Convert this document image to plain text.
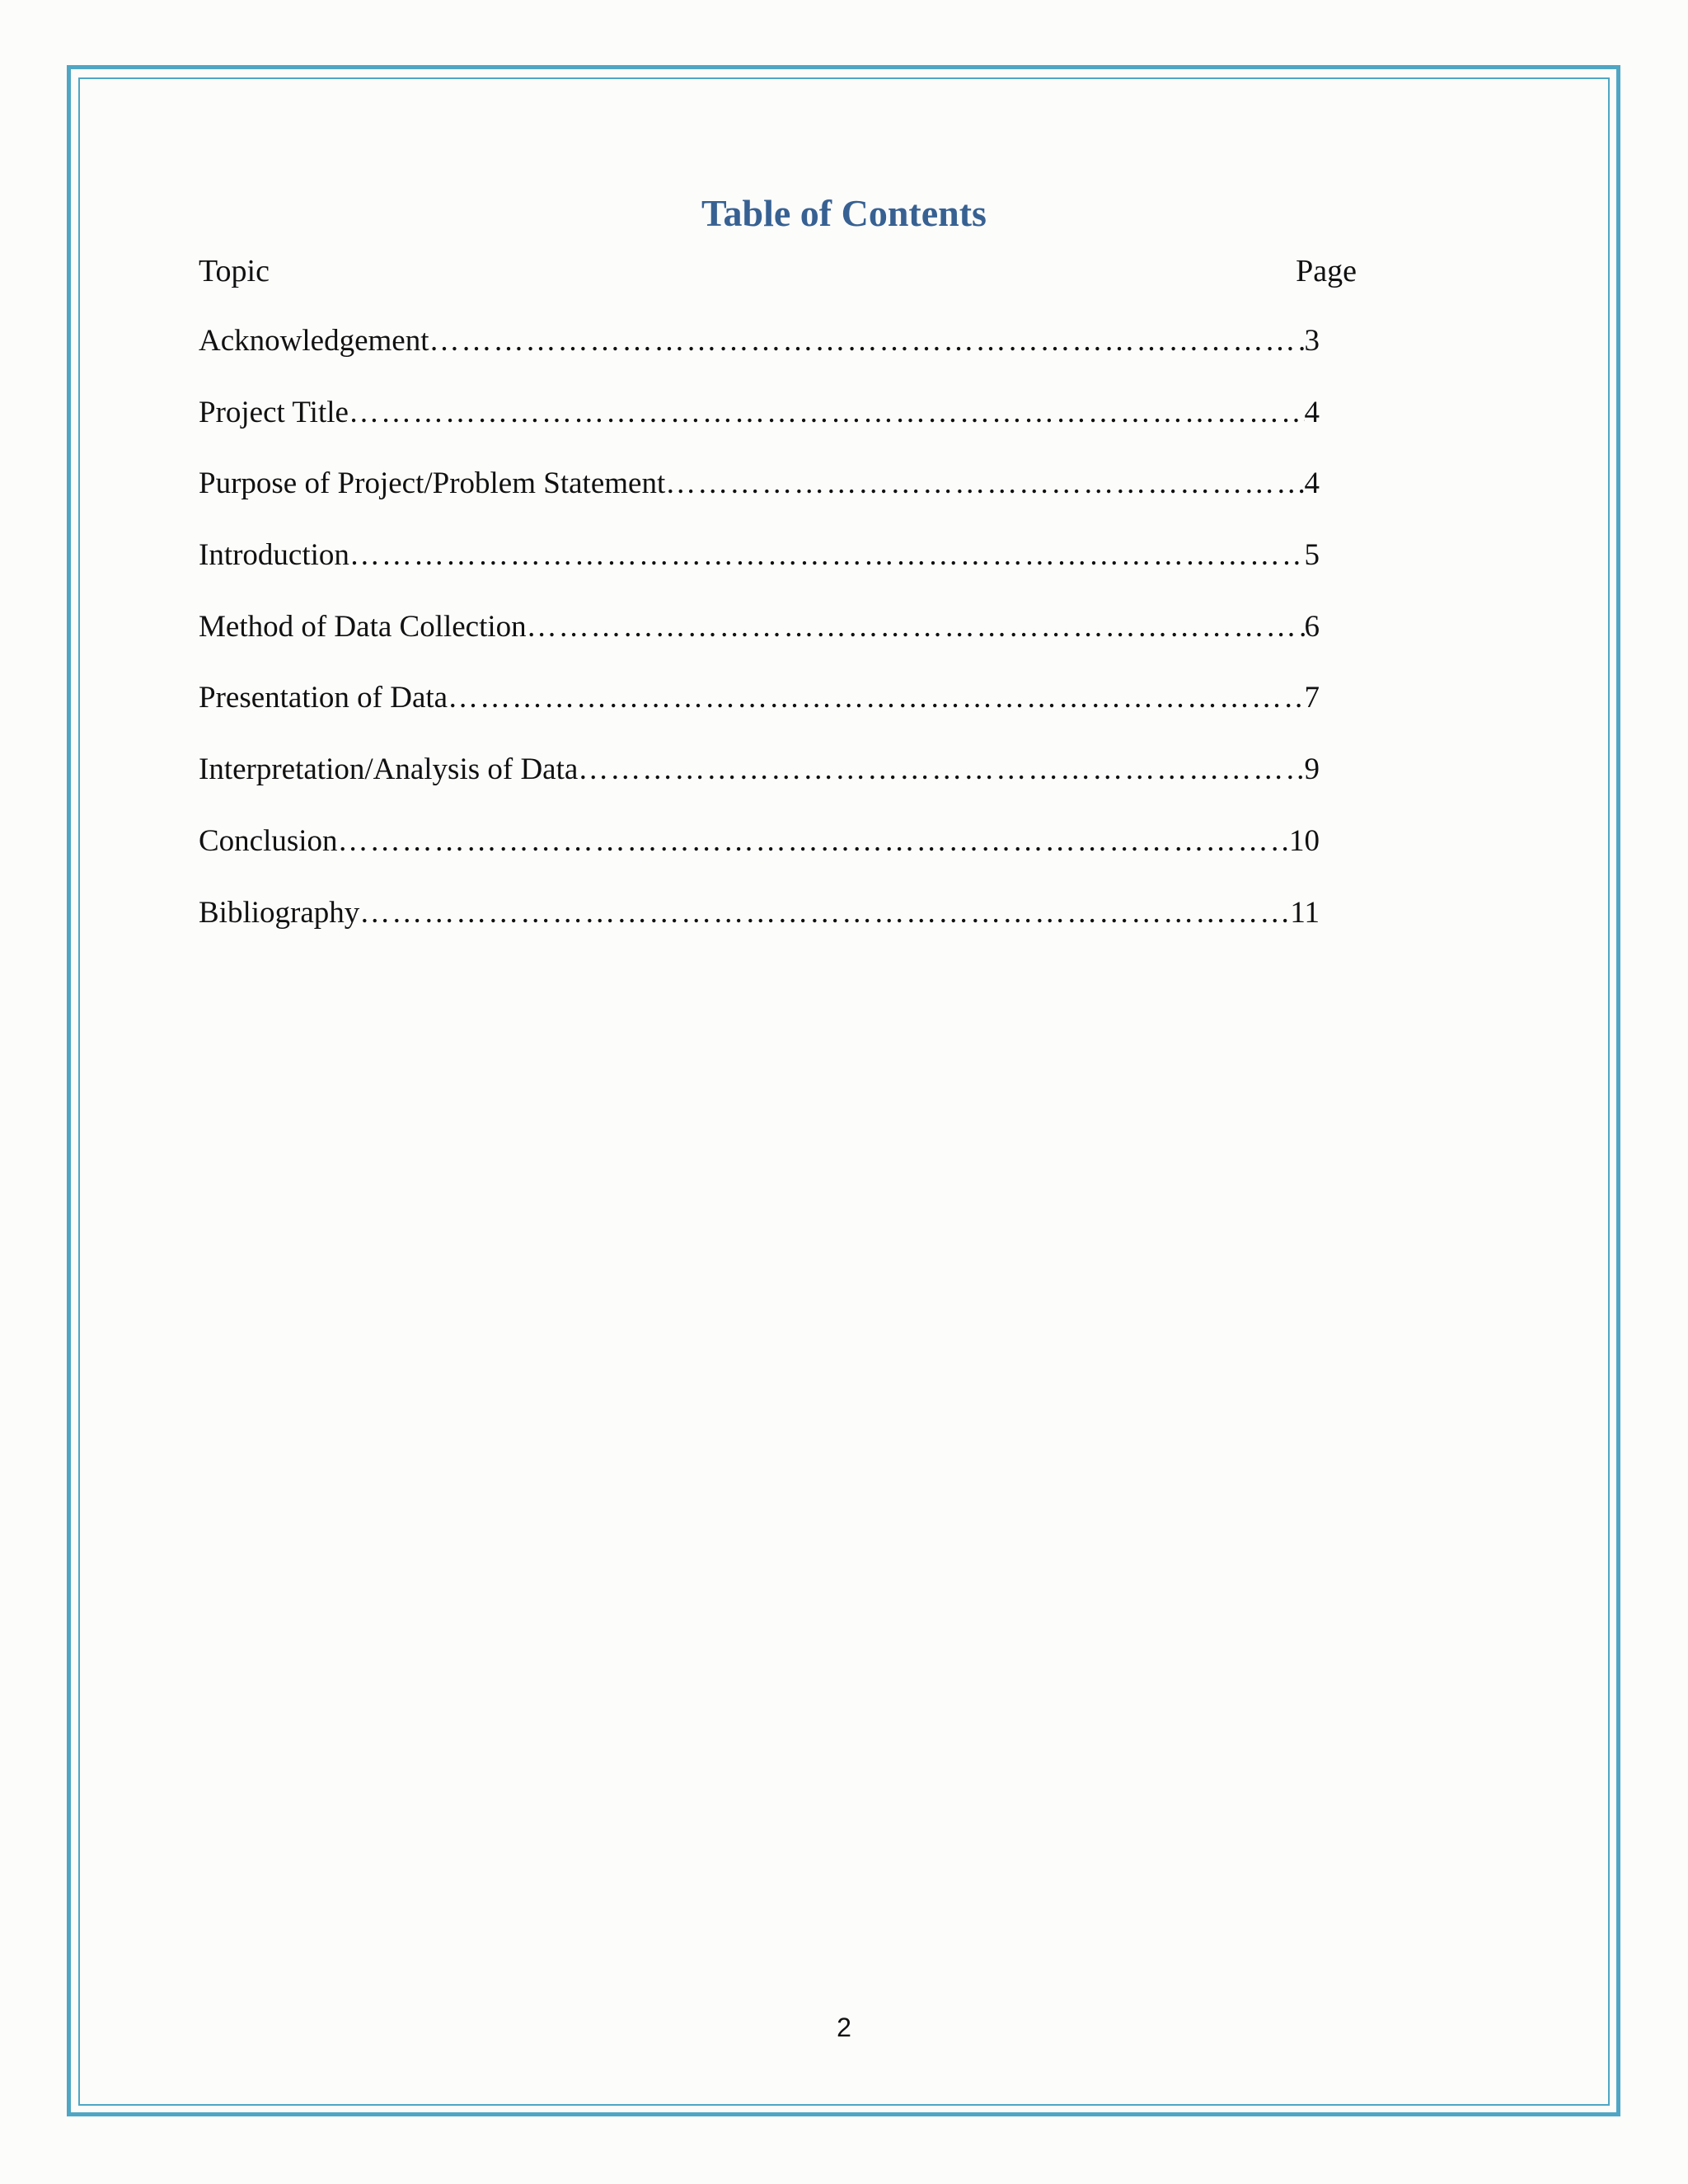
Table of Contents
Topic	Page
Acknowledgement …………………………………………………………………………………………………………………………………………………………………………………	3
Project Title …………………………………………………………………………………………………………………………………………………………………………………	4
Purpose of Project/Problem Statement …………………………………………………………………………………………………………………………………………………………………………………	4
Introduction …………………………………………………………………………………………………………………………………………………………………………………	5
Method of Data Collection …………………………………………………………………………………………………………………………………………………………………………………	6
Presentation of Data …………………………………………………………………………………………………………………………………………………………………………………	7
Interpretation/Analysis of Data …………………………………………………………………………………………………………………………………………………………………………………	9
Conclusion …………………………………………………………………………………………………………………………………………………………………………………	10
Bibliography …………………………………………………………………………………………………………………………………………………………………………………	11
2
